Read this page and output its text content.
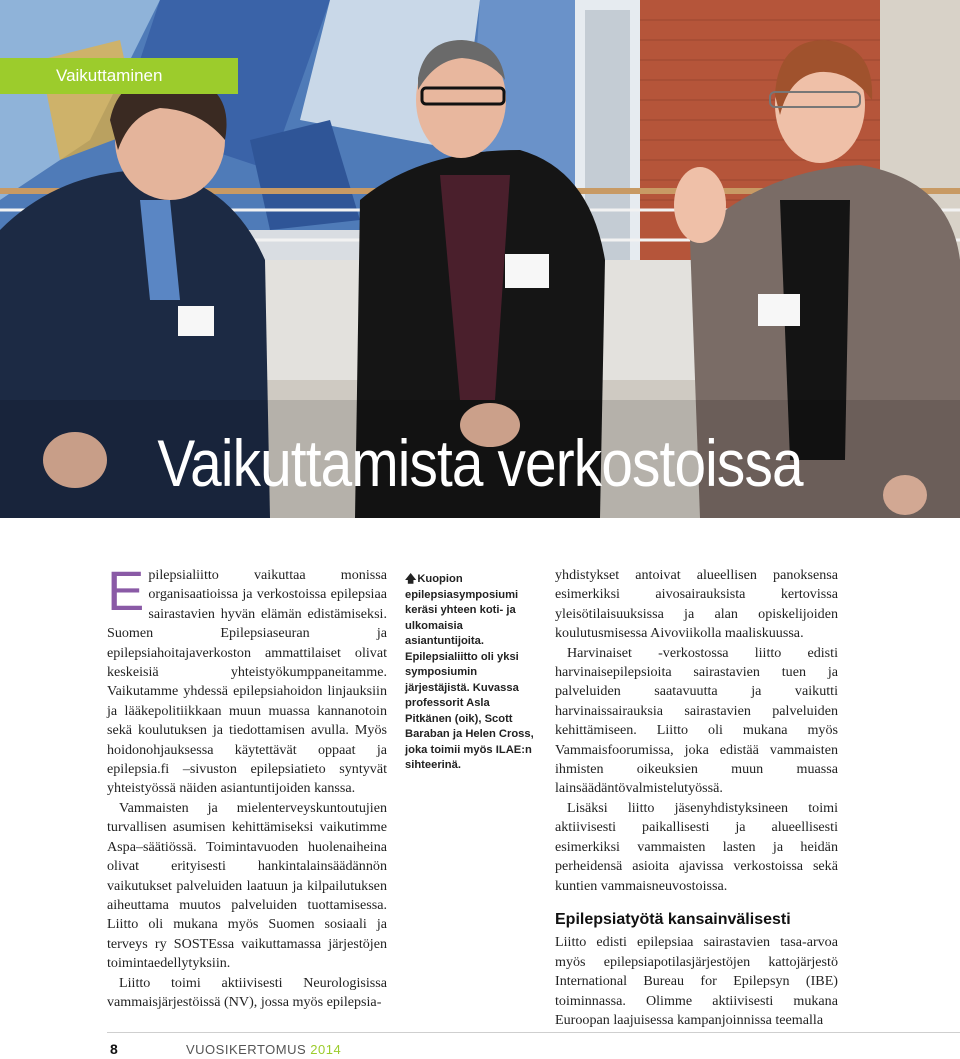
Vaikuttaminen
Vaikuttamista verkostoissa

Epilepsialiitto vaikuttaa monissa organisaatioissa ja verkostoissa epilepsiaa sairastavien hyvän elämän edistämiseksi. Suomen Epilepsiaseuran ja epilepsiahoitajaverkoston ammattilaiset olivat keskeisiä yhteistyökumppaneitamme. Vaikutamme yhdessä epilepsiahoidon linjauksiin ja lääkepolitiikkaan muun muassa kannanotoin sekä koulutuksen ja tiedottamisen avulla. Myös hoidonohjauksessa käytettävät oppaat ja epilepsia.fi –sivuston epilepsiatieto syntyvät yhteistyössä näiden asiantuntijoiden kanssa.

Vammaisten ja mielenterveyskuntoutujien turvallisen asumisen kehittämiseksi vaikutimme Aspa–säätiössä. Toimintavuoden huolenaiheina olivat erityisesti hankintalainsäädännön vaikutukset palveluiden laatuun ja kilpailutuksen aiheuttama muutos palveluiden tuottamisessa. Liitto oli mukana myös Suomen sosiaali ja terveys ry SOSTEssa vaikuttamassa järjestöjen toimintaedellytyksiin.

Liitto toimi aktiivisesti Neurologisissa vammaisjärjestöissä (NV), jossa myös epilepsia-

🡅Kuopion epilepsiasymposiumi keräsi yhteen koti- ja ulkomaisia asiantuntijoita. Epilepsialiitto oli yksi symposiumin järjestäjistä. Kuvassa professorit Asla Pitkänen (oik), Scott Baraban ja Helen Cross, joka toimii myös ILAE:n sihteerinä.

yhdistykset antoivat alueellisen panoksensa esimerkiksi aivosairauksista kertovissa yleisötilaisuuksissa ja alan opiskelijoiden koulutusmisessa Aivoviikolla maaliskuussa.

Harvinaiset -verkostossa liitto edisti harvinaisepilepsioita sairastavien tuen ja palveluiden saatavuutta ja vaikutti harvinaissairauksia sairastavien palveluiden kehittämiseen. Liitto oli mukana myös Vammaisfoorumissa, joka edistää vammaisten ihmisten oikeuksien muun muassa lainsäädäntövalmistelutyössä.

Lisäksi liitto jäsenyhdistyksineen toimi aktiivisesti paikallisesti ja alueellisesti esimerkiksi vammaisten lasten ja heidän perheidensä asioita ajavissa verkostoissa sekä kuntien vammaisneuvostoissa.

Epilepsiatyötä kansainvälisesti

Liitto edisti epilepsiaa sairastavien tasa-arvoa myös epilepsiapotilasjärjestöjen kattojärjestö International Bureau for Epilepsyn (IBE) toiminnassa. Olimme aktiivisesti mukana Euroopan laajuisessa kampanjoinnissa teemalla

8	VUOSIKERTOMUS 2014
